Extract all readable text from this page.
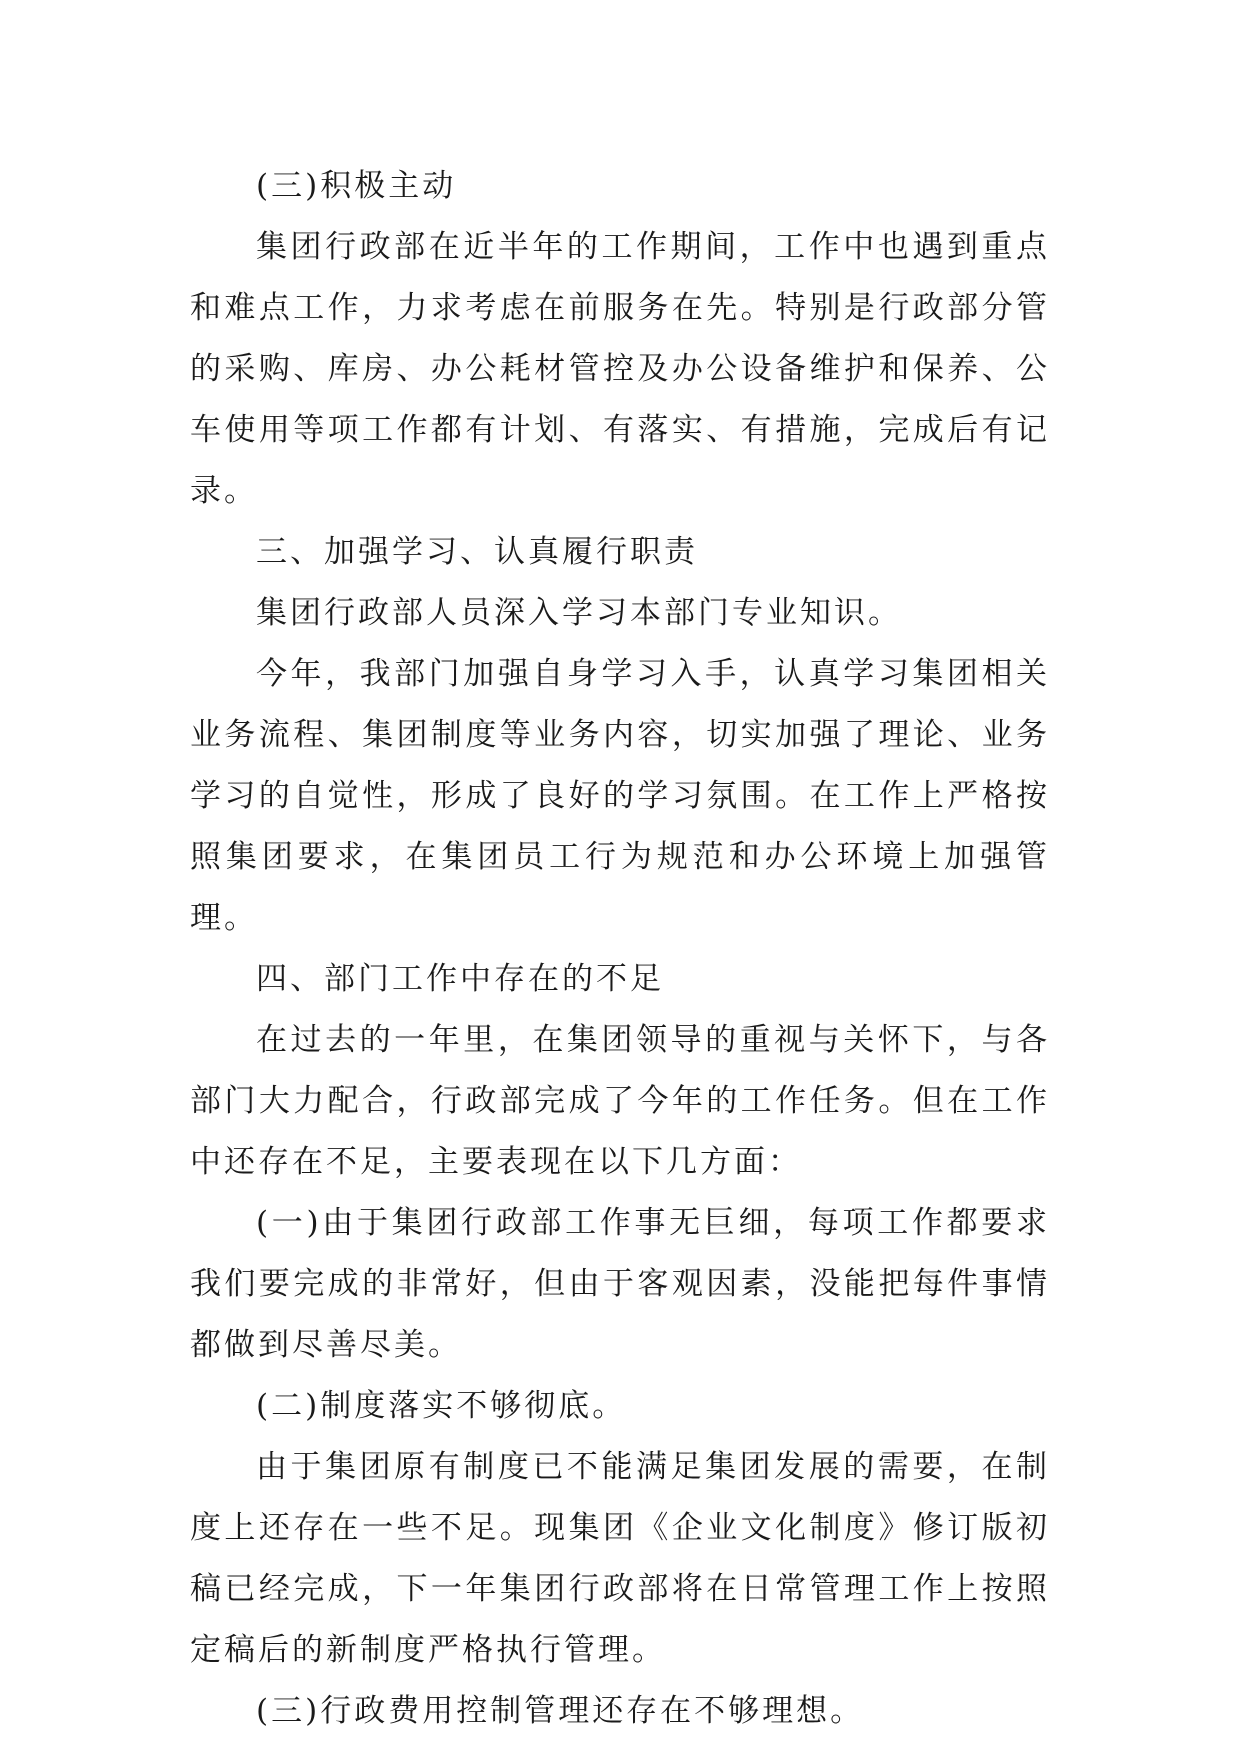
(三)积极主动

集团行政部在近半年的工作期间，工作中也遇到重点和难点工作，力求考虑在前服务在先。特别是行政部分管的采购、库房、办公耗材管控及办公设备维护和保养、公车使用等项工作都有计划、有落实、有措施，完成后有记录。

三、加强学习、认真履行职责

集团行政部人员深入学习本部门专业知识。

今年，我部门加强自身学习入手，认真学习集团相关业务流程、集团制度等业务内容，切实加强了理论、业务学习的自觉性，形成了良好的学习氛围。在工作上严格按照集团要求，在集团员工行为规范和办公环境上加强管理。

四、部门工作中存在的不足

在过去的一年里，在集团领导的重视与关怀下，与各部门大力配合，行政部完成了今年的工作任务。但在工作中还存在不足，主要表现在以下几方面：

(一)由于集团行政部工作事无巨细，每项工作都要求我们要完成的非常好，但由于客观因素，没能把每件事情都做到尽善尽美。

(二)制度落实不够彻底。

由于集团原有制度已不能满足集团发展的需要，在制度上还存在一些不足。现集团《企业文化制度》修订版初稿已经完成，下一年集团行政部将在日常管理工作上按照定稿后的新制度严格执行管理。

(三)行政费用控制管理还存在不够理想。
